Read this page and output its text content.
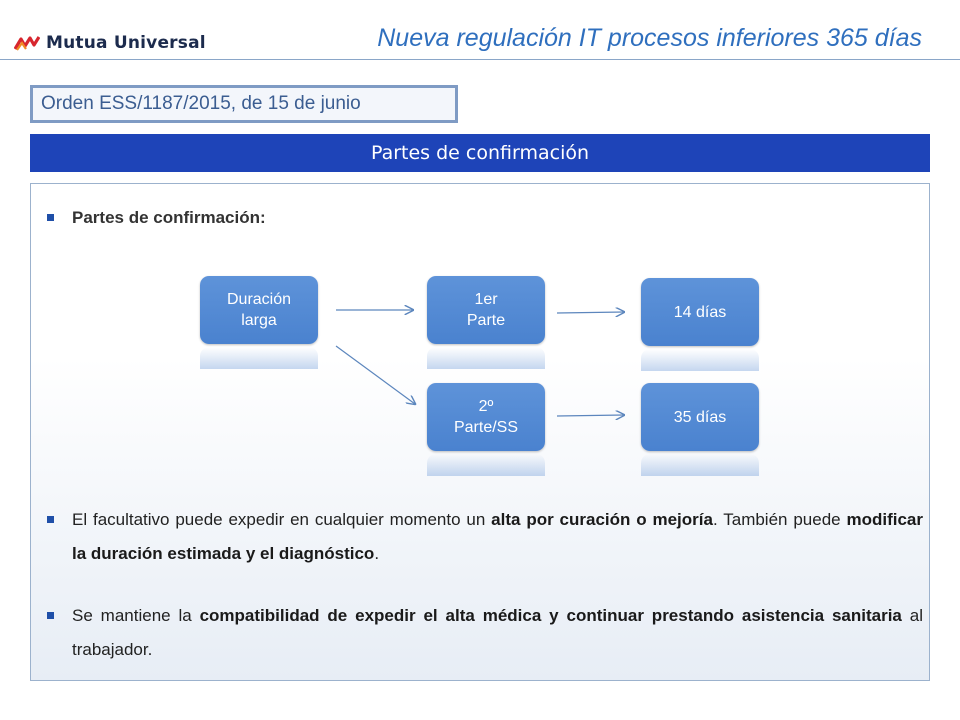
Mutua Universal	Nueva regulación IT procesos inferiores 365 días
Orden ESS/1187/2015, de 15 de junio
Partes de confirmación
Partes de confirmación:
Duración
larga
1er
Parte	14 días
2º
Parte/SS
35 días
El facultativo puede expedir en cualquier momento un alta por curación o mejoría. También puede modificar la duración estimada y el diagnóstico.
Se mantiene la compatibilidad de expedir el alta médica y continuar prestando asistencia sanitaria al trabajador.
